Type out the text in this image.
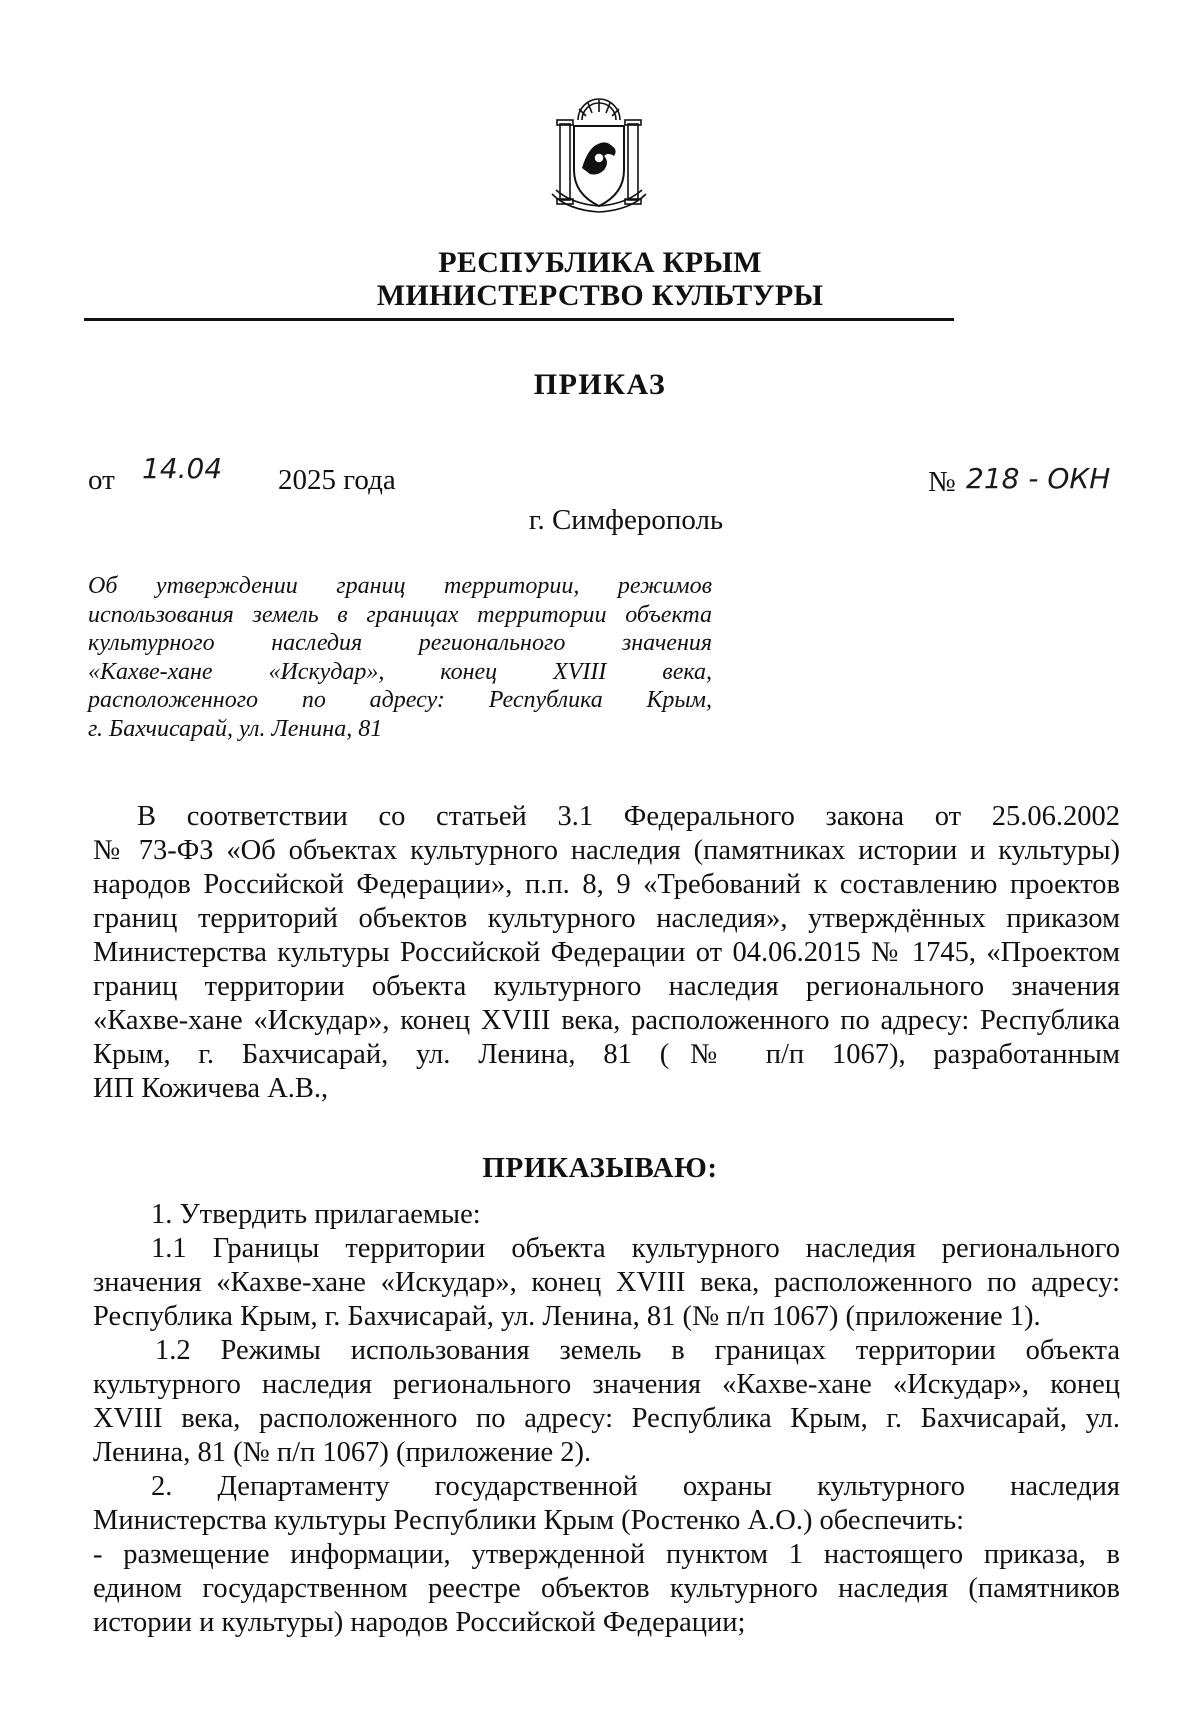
РЕСПУБЛИКА КРЫМ
МИНИСТЕРСТВО КУЛЬТУРЫ
ПРИКАЗ
от 14.04 2025 года	№ 218 - ОКН
г. Симферополь
Об утверждении границ территории, режимов
использования земель в границах территории объекта
культурного наследия регионального значения
«Кахве-хане «Искудар», конец XVIII века,
расположенного по адресу: Республика Крым,
г. Бахчисарай, ул. Ленина, 81
В соответствии со статьей 3.1 Федерального закона от 25.06.2002
№ 73-ФЗ «Об объектах культурного наследия (памятниках истории и культуры)
народов Российской Федерации», п.п. 8, 9 «Требований к составлению проектов
границ территорий объектов культурного наследия», утверждённых приказом
Министерства культуры Российской Федерации от 04.06.2015 № 1745, «Проектом
границ территории объекта культурного наследия регионального значения
«Кахве-хане «Искудар», конец XVIII века, расположенного по адресу: Республика
Крым, г. Бахчисарай, ул. Ленина, 81 (№ п/п 1067), разработанным
ИП Кожичева А.В.,
ПРИКАЗЫВАЮ:
1. Утвердить прилагаемые:
1.1 Границы территории объекта культурного наследия регионального
значения «Кахве-хане «Искудар», конец XVIII века, расположенного по адресу:
Республика Крым, г. Бахчисарай, ул. Ленина, 81 (№ п/п 1067) (приложение 1).
1.2 Режимы использования земель в границах территории объекта
культурного наследия регионального значения «Кахве-хане «Искудар», конец
XVIII века, расположенного по адресу: Республика Крым, г. Бахчисарай, ул.
Ленина, 81 (№ п/п 1067) (приложение 2).
2. Департаменту государственной охраны культурного наследия
Министерства культуры Республики Крым (Ростенко А.О.) обеспечить:
- размещение информации, утвержденной пунктом 1 настоящего приказа, в
едином государственном реестре объектов культурного наследия (памятников
истории и культуры) народов Российской Федерации;
